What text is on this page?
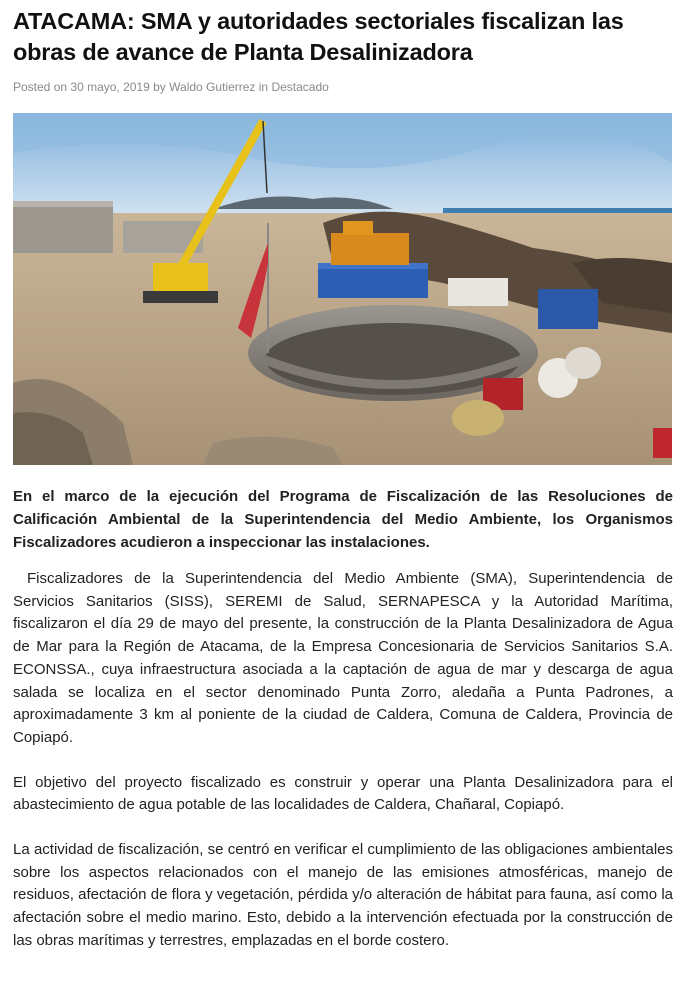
ATACAMA: SMA y autoridades sectoriales fiscalizan las obras de avance de Planta Desalinizadora
Posted on 30 mayo, 2019 by Waldo Gutierrez in Destacado

En el marco de la ejecución del Programa de Fiscalización de las Resoluciones de Calificación Ambiental de la Superintendencia del Medio Ambiente, los Organismos Fiscalizadores acudieron a inspeccionar las instalaciones.

Fiscalizadores de la Superintendencia del Medio Ambiente (SMA), Superintendencia de Servicios Sanitarios (SISS), SEREMI de Salud, SERNAPESCA y la Autoridad Marítima, fiscalizaron el día 29 de mayo del presente, la construcción de la Planta Desalinizadora de Agua de Mar para la Región de Atacama, de la Empresa Concesionaria de Servicios Sanitarios S.A. ECONSSA., cuya infraestructura asociada a la captación de agua de mar y descarga de agua salada se localiza en el sector denominado Punta Zorro, aledaña a Punta Padrones, a aproximadamente 3 km al poniente de la ciudad de Caldera, Comuna de Caldera, Provincia de Copiapó.

El objetivo del proyecto fiscalizado es construir y operar una Planta Desalinizadora para el abastecimiento de agua potable de las localidades de Caldera, Chañaral, Copiapó.

La actividad de fiscalización, se centró en verificar el cumplimiento de las obligaciones ambientales sobre los aspectos relacionados con el manejo de las emisiones atmosféricas, manejo de residuos, afectación de flora y vegetación, pérdida y/o alteración de hábitat para fauna, así como la afectación sobre el medio marino. Esto, debido a la intervención efectuada por la construcción de las obras marítimas y terrestres, emplazadas en el borde costero.
